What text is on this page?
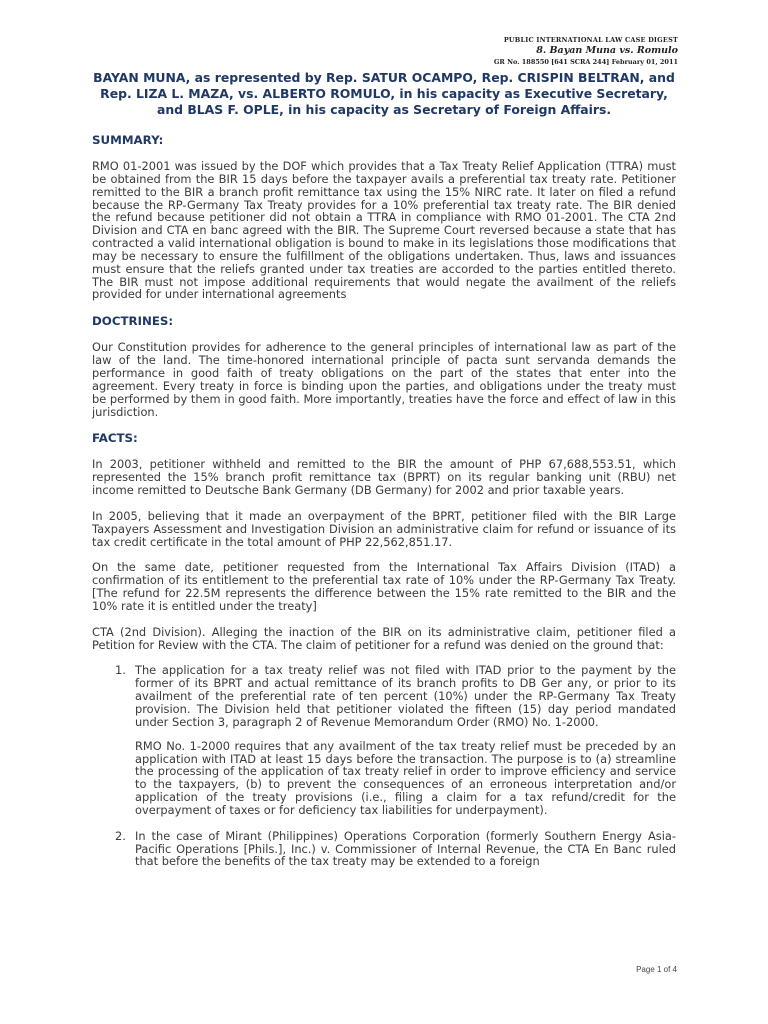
PUBLIC INTERNATIONAL LAW CASE DIGEST
8. Bayan Muna vs. Romulo
GR No. 188550 [641 SCRA 244] February 01, 2011
BAYAN MUNA, as represented by Rep. SATUR OCAMPO, Rep. CRISPIN BELTRAN, and Rep. LIZA L. MAZA, vs. ALBERTO ROMULO, in his capacity as Executive Secretary, and BLAS F. OPLE, in his capacity as Secretary of Foreign Affairs.
SUMMARY:
RMO 01-2001 was issued by the DOF which provides that a Tax Treaty Relief Application (TTRA) must be obtained from the BIR 15 days before the taxpayer avails a preferential tax treaty rate. Petitioner remitted to the BIR a branch profit remittance tax using the 15% NIRC rate. It later on filed a refund because the RP-Germany Tax Treaty provides for a 10% preferential tax treaty rate. The BIR denied the refund because petitioner did not obtain a TTRA in compliance with RMO 01-2001. The CTA 2nd Division and CTA en banc agreed with the BIR. The Supreme Court reversed because a state that has contracted a valid international obligation is bound to make in its legislations those modifications that may be necessary to ensure the fulfillment of the obligations undertaken. Thus, laws and issuances must ensure that the reliefs granted under tax treaties are accorded to the parties entitled thereto. The BIR must not impose additional requirements that would negate the availment of the reliefs provided for under international agreements
DOCTRINES:
Our Constitution provides for adherence to the general principles of international law as part of the law of the land. The time-honored international principle of pacta sunt servanda demands the performance in good faith of treaty obligations on the part of the states that enter into the agreement. Every treaty in force is binding upon the parties, and obligations under the treaty must be performed by them in good faith. More importantly, treaties have the force and effect of law in this jurisdiction.
FACTS:
In 2003, petitioner withheld and remitted to the BIR the amount of PHP 67,688,553.51, which represented the 15% branch profit remittance tax (BPRT) on its regular banking unit (RBU) net income remitted to Deutsche Bank Germany (DB Germany) for 2002 and prior taxable years.
In 2005, believing that it made an overpayment of the BPRT, petitioner filed with the BIR Large Taxpayers Assessment and Investigation Division an administrative claim for refund or issuance of its tax credit certificate in the total amount of PHP 22,562,851.17.
On the same date, petitioner requested from the International Tax Affairs Division (ITAD) a confirmation of its entitlement to the preferential tax rate of 10% under the RP-Germany Tax Treaty. [The refund for 22.5M represents the difference between the 15% rate remitted to the BIR and the 10% rate it is entitled under the treaty]
CTA (2nd Division). Alleging the inaction of the BIR on its administrative claim, petitioner filed a Petition for Review with the CTA. The claim of petitioner for a refund was denied on the ground that:
1. The application for a tax treaty relief was not filed with ITAD prior to the payment by the former of its BPRT and actual remittance of its branch profits to DB Ger any, or prior to its availment of the preferential rate of ten percent (10%) under the RP-Germany Tax Treaty provision. The Division held that petitioner violated the fifteen (15) day period mandated under Section 3, paragraph 2 of Revenue Memorandum Order (RMO) No. 1-2000.
RMO No. 1-2000 requires that any availment of the tax treaty relief must be preceded by an application with ITAD at least 15 days before the transaction. The purpose is to (a) streamline the processing of the application of tax treaty relief in order to improve efficiency and service to the taxpayers, (b) to prevent the consequences of an erroneous interpretation and/or application of the treaty provisions (i.e., filing a claim for a tax refund/credit for the overpayment of taxes or for deficiency tax liabilities for underpayment).
2. In the case of Mirant (Philippines) Operations Corporation (formerly Southern Energy Asia-Pacific Operations [Phils.], Inc.) v. Commissioner of Internal Revenue, the CTA En Banc ruled that before the benefits of the tax treaty may be extended to a foreign
Page 1 of 4
